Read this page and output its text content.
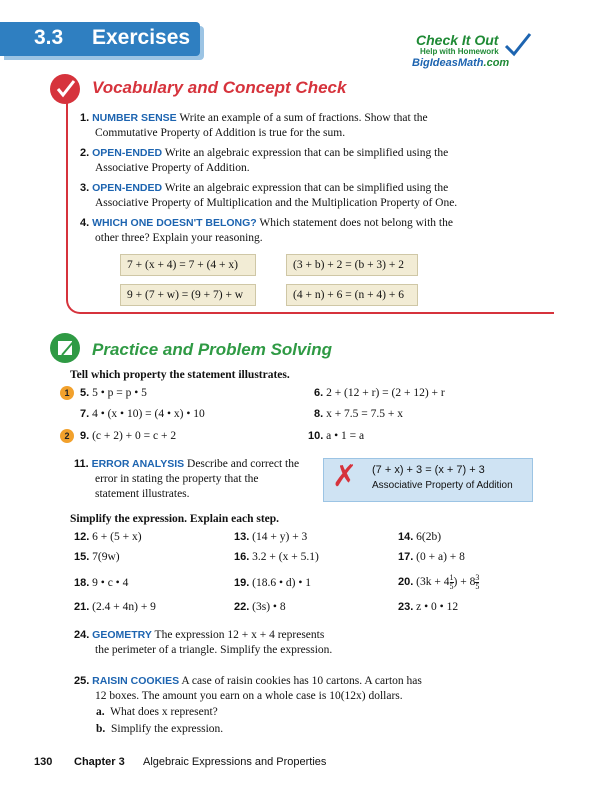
3.3 Exercises	Check It Out
Help with Homework
BigIdeasMath.com
Vocabulary and Concept Check
1. NUMBER SENSE Write an example of a sum of fractions. Show that the
Commutative Property of Addition is true for the sum.
2. OPEN-ENDED Write an algebraic expression that can be simplified using the
Associative Property of Addition.
3. OPEN-ENDED Write an algebraic expression that can be simplified using the
Associative Property of Multiplication and the Multiplication Property of One.
4. WHICH ONE DOESN'T BELONG? Which statement does not belong with the
other three? Explain your reasoning.
7 + (x + 4) = 7 + (4 + x)	(3 + b) + 2 = (b + 3) + 2
9 + (7 + w) = (9 + 7) + w	(4 + n) + 6 = (n + 4) + 6
Practice and Problem Solving
Tell which property the statement illustrates.
1
2
5. 5 • p = p • 5	6. 2 + (12 + r) = (2 + 12) + r
7. 4 • (x • 10) = (4 • x) • 10	8. x + 7.5 = 7.5 + x
9. (c + 2) + 0 = c + 2	10. a • 1 = a
11. ERROR ANALYSIS Describe and correct the
error in stating the property that the
statement illustrates.
✗ (7 + x) + 3 = (x + 7) + 3
Associative Property of Addition
Simplify the expression. Explain each step.
12. 6 + (5 + x)	13. (14 + y) + 3	14. 6(2b)
15. 7(9w)	16. 3.2 + (x + 5.1)	17. (0 + a) + 8
18. 9 • c • 4	19. (18.6 • d) • 1	20. ($3k + 4 \frac{1}{5}$ ) + $8 \frac{3}{5}$
21. (2.4 + 4n) + 9	22. (3s) • 8	23. z • 0 • 12
24. GEOMETRY The expression 12 + x + 4 represents
the perimeter of a triangle. Simplify the expression.
25. RAISIN COOKIES A case of raisin cookies has 10 cartons. A carton has
12 boxes. The amount you earn on a whole case is 10(12x) dollars.
a. What does x represent?
b. Simplify the expression.
130 Chapter 3 Algebraic Expressions and Properties
